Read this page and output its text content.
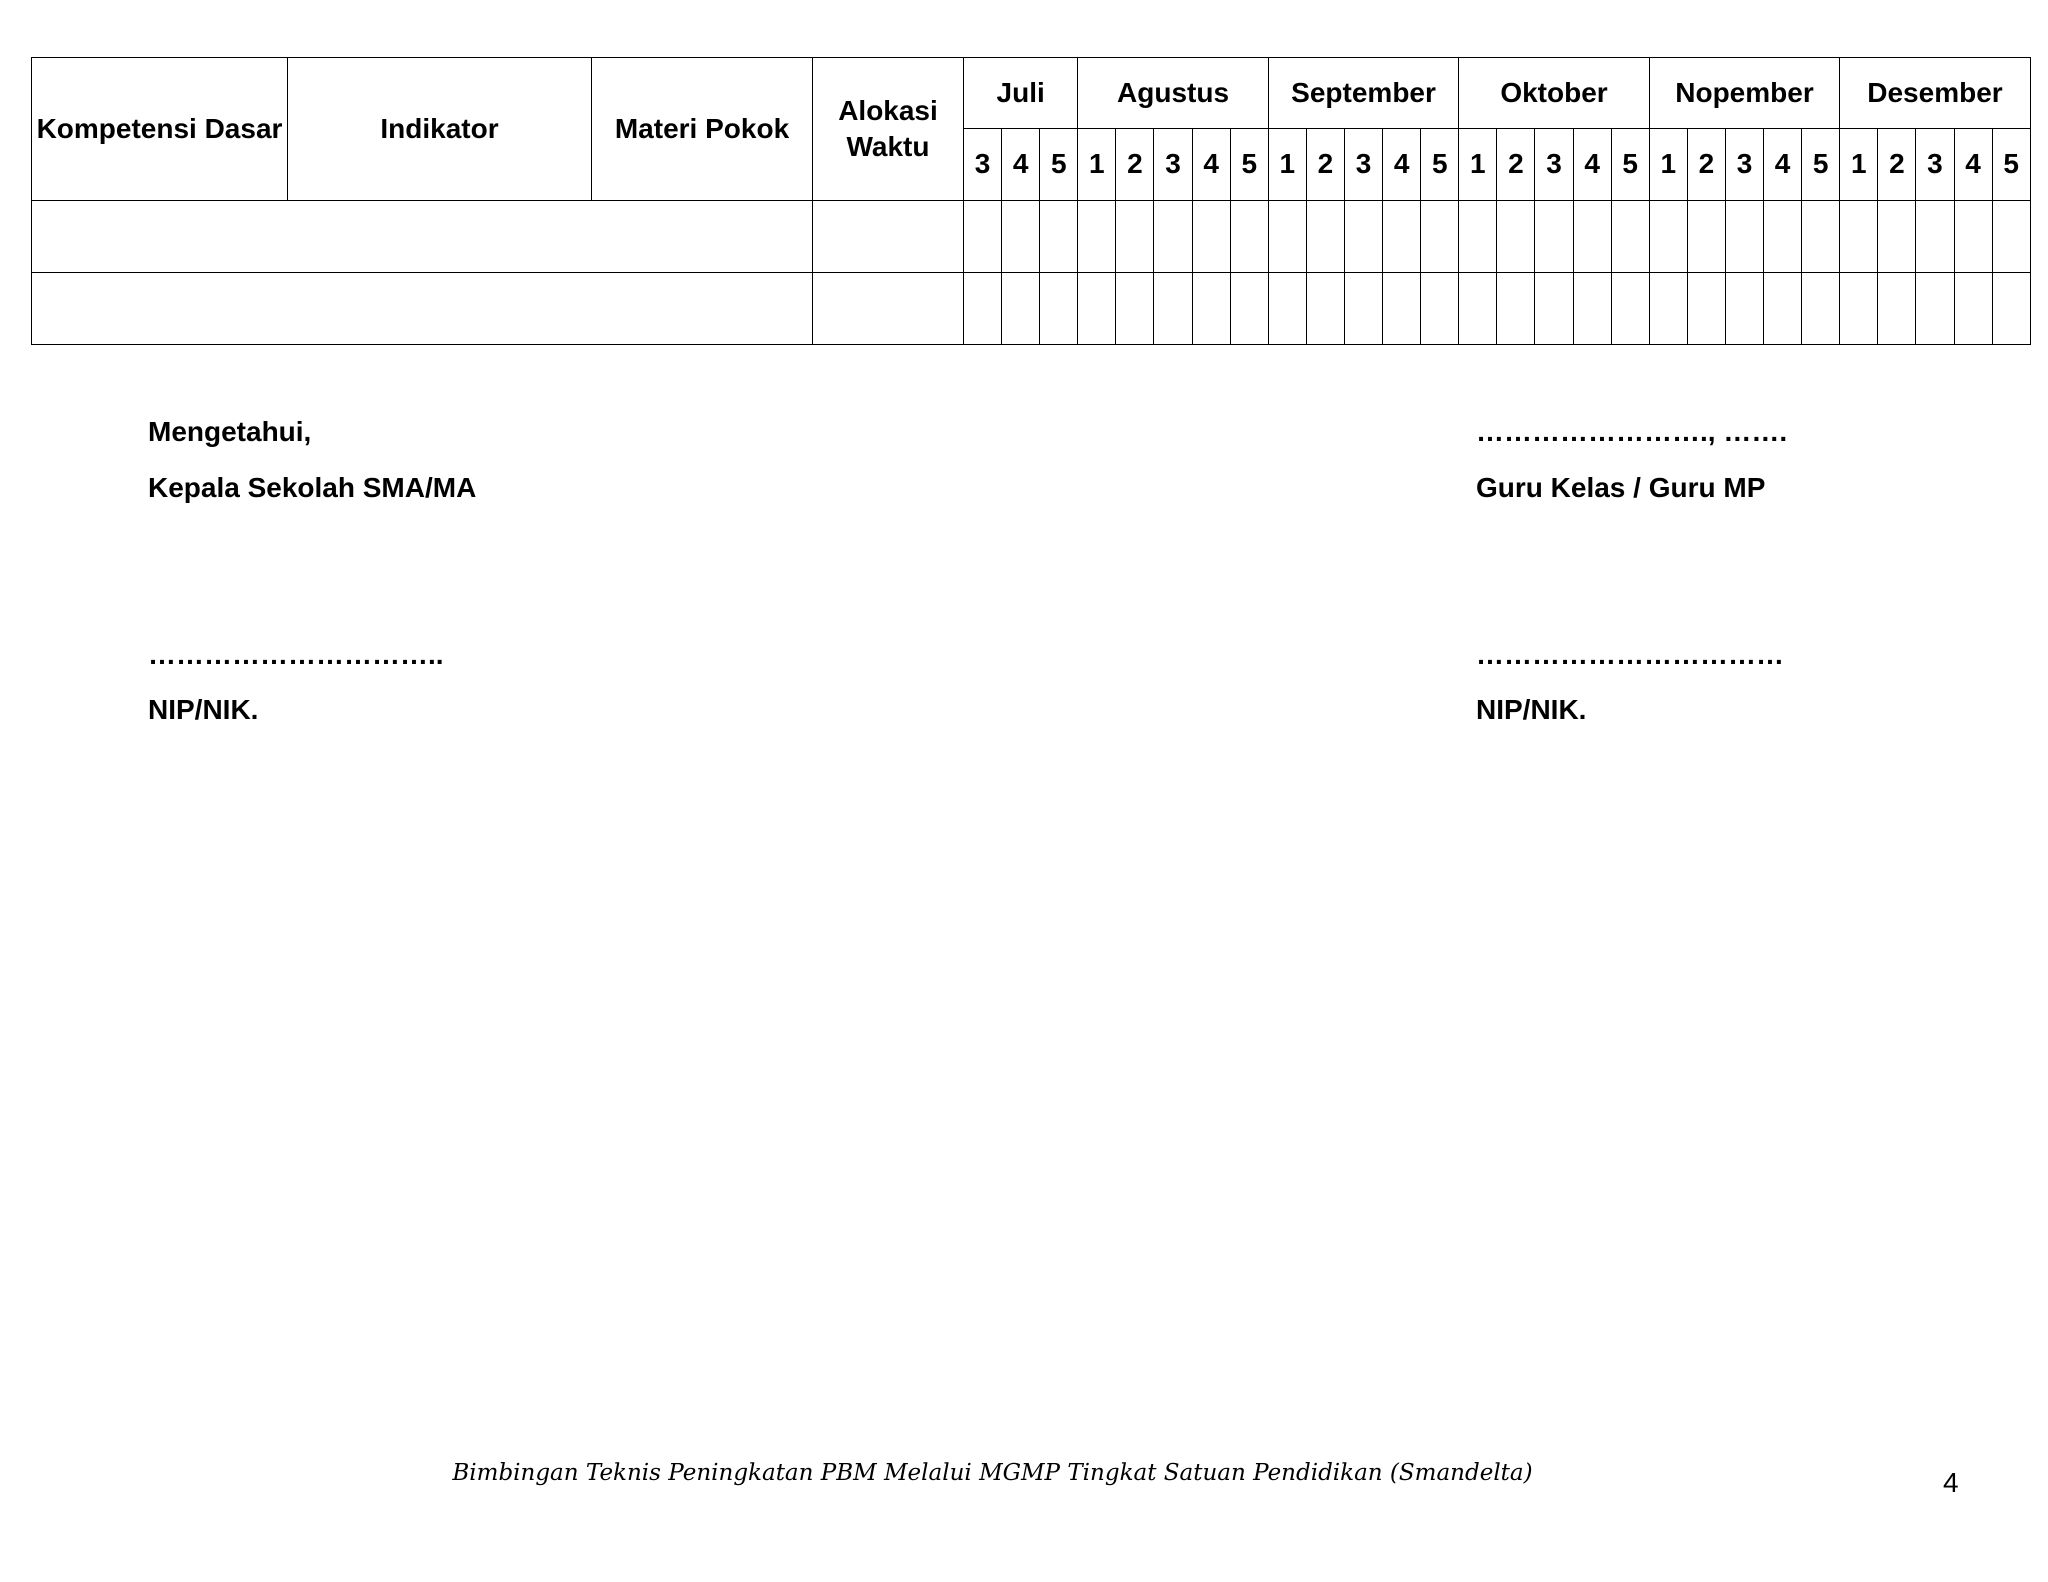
Kompetensi Dasar	Indikator	Materi Pokok	Alokasi Waktu	Juli			Agustus					September					Oktober					Nopember					Desember				
				3	4	5	1	2	3	4	5	1	2	3	4	5	1	2	3	4	5	1	2	3	4	5	1	2	3	4	5

Mengetahui,
Kepala Sekolah SMA/MA
…………………………..
NIP/NIK.
……………………., …….
Guru Kelas / Guru MP
……………………………
NIP/NIK.
Bimbingan Teknis Peningkatan PBM Melalui MGMP Tingkat Satuan Pendidikan (Smandelta)	4
